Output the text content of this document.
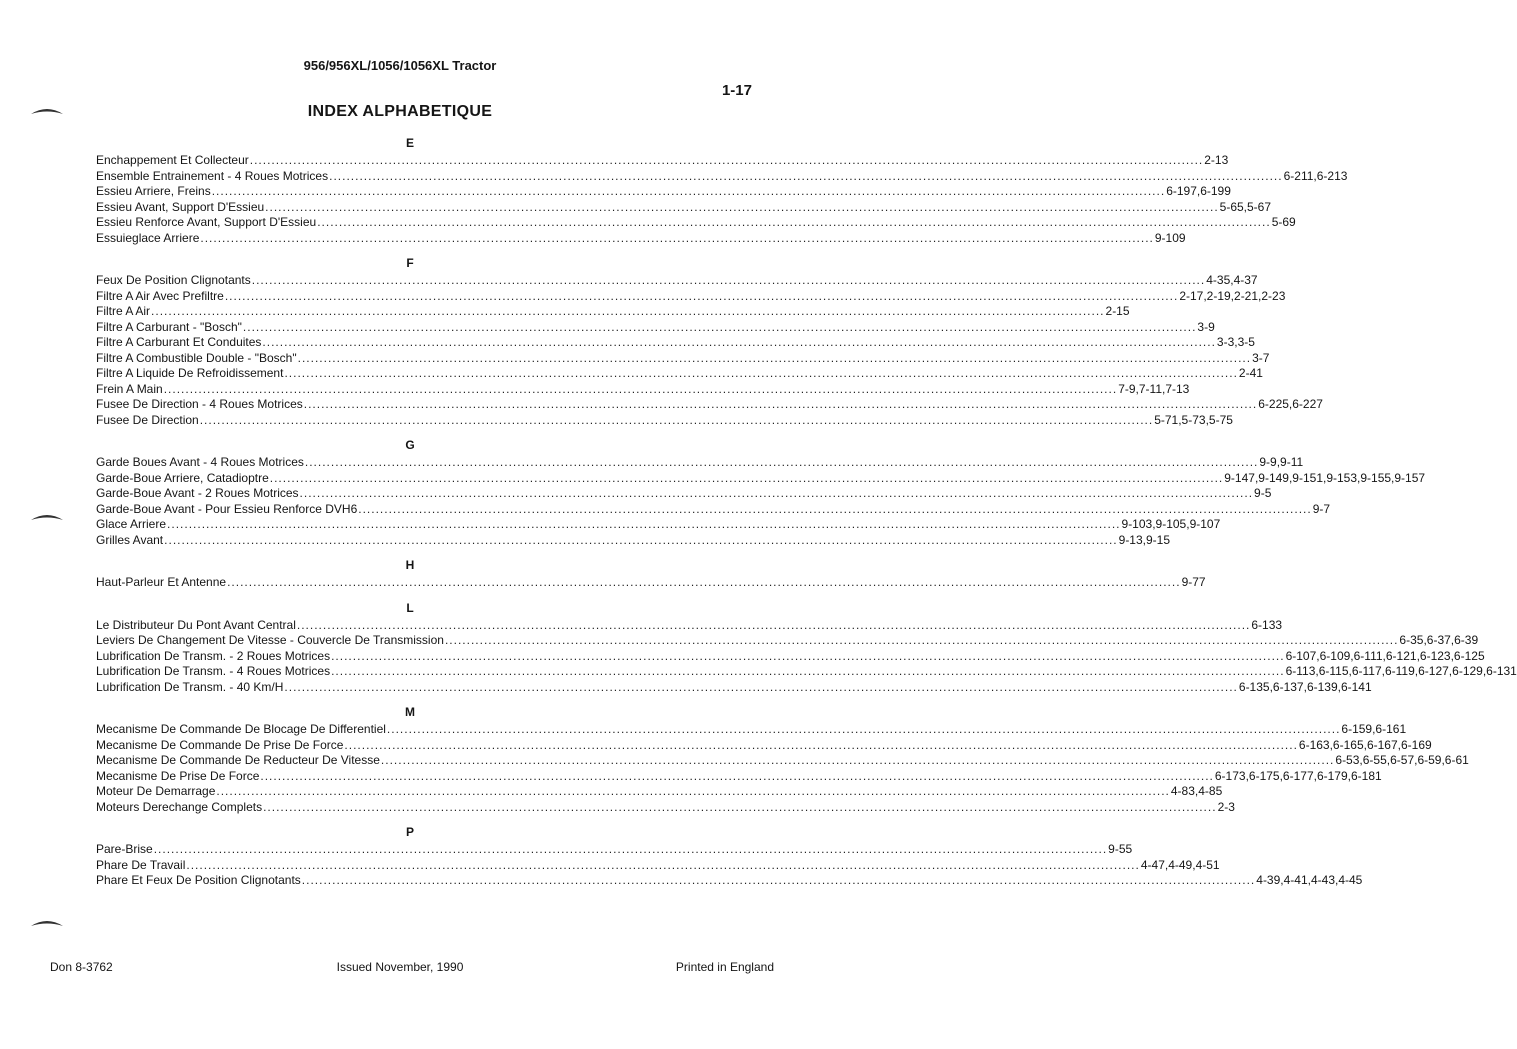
956/956XL/1056/1056XL Tractor
1-17
INDEX ALPHABETIQUE
E
Enchappement Et Collecteur ............................................................................................................................................................................................................................ 2-13
Ensemble Entrainement - 4 Roues Motrices ............................................................................................................................................................................................................................ 6-211,6-213
Essieu Arriere, Freins ............................................................................................................................................................................................................................ 6-197,6-199
Essieu Avant, Support D'Essieu ............................................................................................................................................................................................................................ 5-65,5-67
Essieu Renforce Avant, Support D'Essieu ............................................................................................................................................................................................................................ 5-69
Essuieglace Arriere ............................................................................................................................................................................................................................ 9-109
F
Feux De Position Clignotants ............................................................................................................................................................................................................................ 4-35,4-37
Filtre A Air Avec Prefiltre ............................................................................................................................................................................................................................ 2-17,2-19,2-21,2-23
Filtre A Air ............................................................................................................................................................................................................................ 2-15
Filtre A Carburant - "Bosch" ............................................................................................................................................................................................................................ 3-9
Filtre A Carburant Et Conduites ............................................................................................................................................................................................................................ 3-3,3-5
Filtre A Combustible Double - "Bosch" ............................................................................................................................................................................................................................ 3-7
Filtre A Liquide De Refroidissement ............................................................................................................................................................................................................................ 2-41
Frein A Main ............................................................................................................................................................................................................................ 7-9,7-11,7-13
Fusee De Direction - 4 Roues Motrices ............................................................................................................................................................................................................................ 6-225,6-227
Fusee De Direction ............................................................................................................................................................................................................................ 5-71,5-73,5-75
G
Garde Boues Avant - 4 Roues Motrices ............................................................................................................................................................................................................................ 9-9,9-11
Garde-Boue Arriere, Catadioptre ............................................................................................................................................................................................................................ 9-147,9-149,9-151,9-153,9-155,9-157
Garde-Boue Avant - 2 Roues Motrices ............................................................................................................................................................................................................................ 9-5
Garde-Boue Avant - Pour Essieu Renforce DVH6 ............................................................................................................................................................................................................................ 9-7
Glace Arriere ............................................................................................................................................................................................................................ 9-103,9-105,9-107
Grilles Avant ............................................................................................................................................................................................................................ 9-13,9-15
H
Haut-Parleur Et Antenne ............................................................................................................................................................................................................................ 9-77
L
Le Distributeur Du Pont Avant Central ............................................................................................................................................................................................................................ 6-133
Leviers De Changement De Vitesse - Couvercle De Transmission ............................................................................................................................................................................................................................ 6-35,6-37,6-39
Lubrification De Transm. - 2 Roues Motrices ............................................................................................................................................................................................................................ 6-107,6-109,6-111,6-121,6-123,6-125
Lubrification De Transm. - 4 Roues Motrices ............................................................................................................................................................................................................................ 6-113,6-115,6-117,6-119,6-127,6-129,6-131
Lubrification De Transm. - 40 Km/H ............................................................................................................................................................................................................................ 6-135,6-137,6-139,6-141
M
Mecanisme De Commande De Blocage De Differentiel ............................................................................................................................................................................................................................ 6-159,6-161
Mecanisme De Commande De Prise De Force ............................................................................................................................................................................................................................ 6-163,6-165,6-167,6-169
Mecanisme De Commande De Reducteur De Vitesse ............................................................................................................................................................................................................................ 6-53,6-55,6-57,6-59,6-61
Mecanisme De Prise De Force ............................................................................................................................................................................................................................ 6-173,6-175,6-177,6-179,6-181
Moteur De Demarrage ............................................................................................................................................................................................................................ 4-83,4-85
Moteurs Derechange Complets ............................................................................................................................................................................................................................ 2-3
P
Pare-Brise ............................................................................................................................................................................................................................ 9-55
Phare De Travail ............................................................................................................................................................................................................................ 4-47,4-49,4-51
Phare Et Feux De Position Clignotants ............................................................................................................................................................................................................................ 4-39,4-41,4-43,4-45
Don 8-3762	Issued November, 1990	Printed in England
